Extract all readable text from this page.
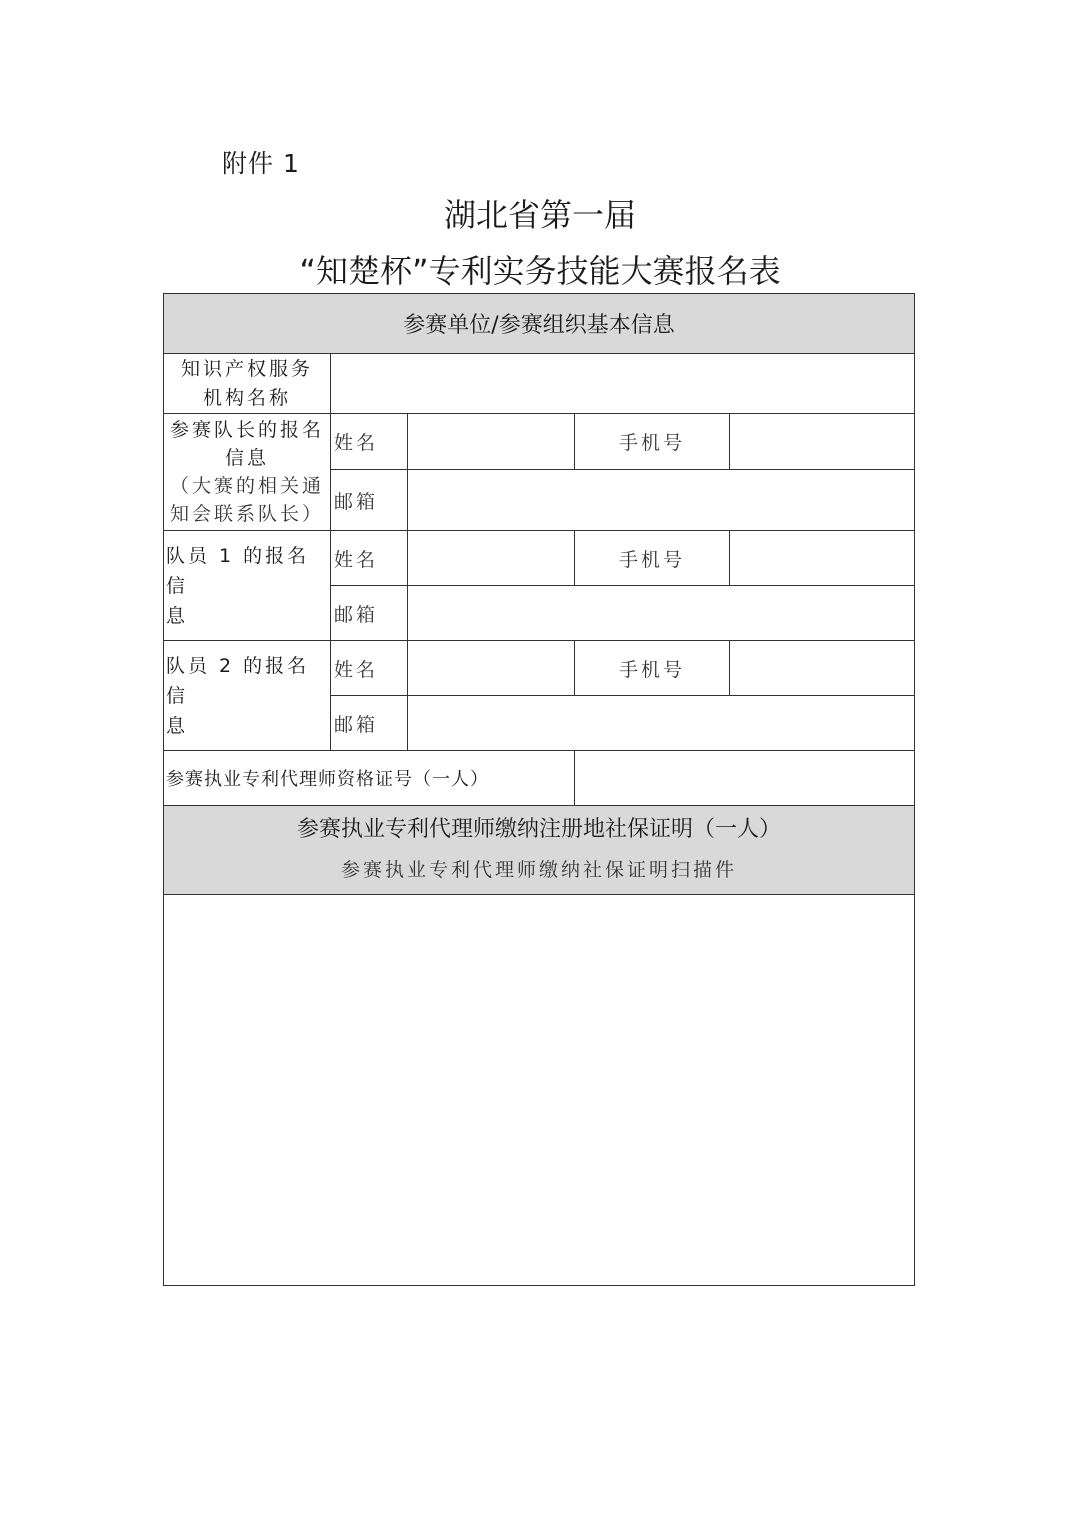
附件 1
湖北省第一届
“知楚杯”专利实务技能大赛报名表
参赛单位/参赛组织基本信息
知识产权服务
机构名称
参赛队长的报名
信息
（大赛的相关通
知会联系队长）
姓名	手机号
邮箱
队员 1 的报名信
息
姓名	手机号
邮箱
队员 2 的报名信
息
姓名	手机号
邮箱
参赛执业专利代理师资格证号（一人）
参赛执业专利代理师缴纳注册地社保证明（一人）
参赛执业专利代理师缴纳社保证明扫描件
